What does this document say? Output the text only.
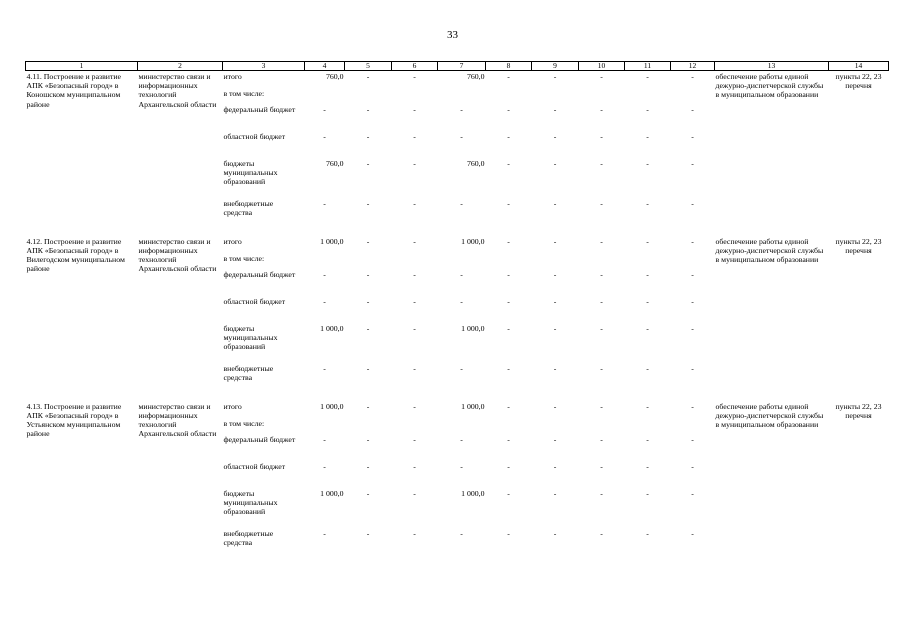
33
1	2	3	4	5	6	7	8	9	10	11	12	13	14
4.11. Построение и развитие АПК «Безопасный город» в Коношском муниципальном районе	министерство связи и информационных технологий Архангельской области	итого	760,0	-	-	760,0	-	-	-	-	-	обеспечение работы единой дежурно-диспетчерской службы в муниципальном образовании	пункты 22, 23 перечня
		в том числе:											
		федеральный бюджет	-	-	-	-	-	-	-	-	-		
		областной бюджет	-	-	-	-	-	-	-	-	-		
		бюджеты муниципальных образований	760,0	-	-	760,0	-	-	-	-	-		
		внебюджетные средства	-	-	-	-	-	-	-	-	-		

4.12. Построение и развитие АПК «Безопасный город» в Вилегодском муниципальном районе	министерство связи и информационных технологий Архангельской области	итого	1 000,0	-	-	1 000,0	-	-	-	-	-	обеспечение работы единой дежурно-диспетчерской службы в муниципальном образовании	пункты 22, 23 перечня
		в том числе:											
		федеральный бюджет	-	-	-	-	-	-	-	-	-		
		областной бюджет	-	-	-	-	-	-	-	-	-		
		бюджеты муниципальных образований	1 000,0	-	-	1 000,0	-	-	-	-	-		
		внебюджетные средства	-	-	-	-	-	-	-	-	-		

4.13. Построение и развитие АПК «Безопасный город» в Устьянском муниципальном районе	министерство связи и информационных технологий Архангельской области	итого	1 000,0	-	-	1 000,0	-	-	-	-	-	обеспечение работы единой дежурно-диспетчерской службы в муниципальном образовании	пункты 22, 23 перечня
		в том числе:											
		федеральный бюджет	-	-	-	-	-	-	-	-	-		
		областной бюджет	-	-	-	-	-	-	-	-	-		
		бюджеты муниципальных образований	1 000,0	-	-	1 000,0	-	-	-	-	-		
		внебюджетные средства	-	-	-	-	-	-	-	-	-		
